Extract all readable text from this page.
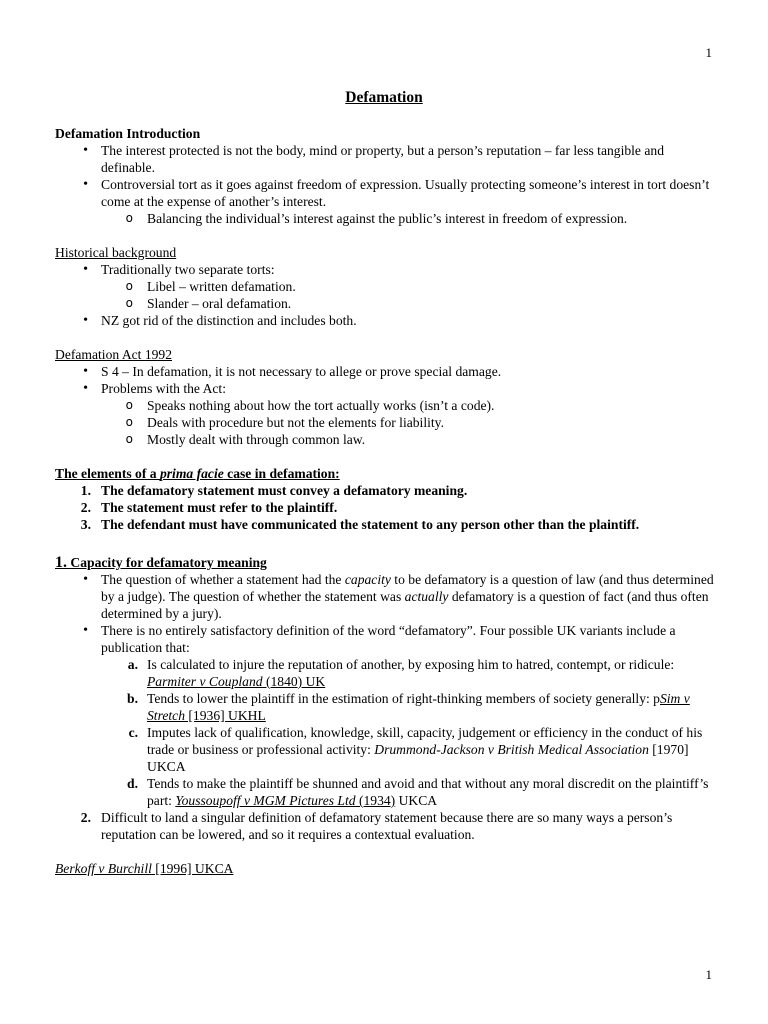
1
Defamation
Defamation Introduction
• The interest protected is not the body, mind or property, but a person’s reputation – far less tangible and definable.
• Controversial tort as it goes against freedom of expression. Usually protecting someone’s interest in tort doesn’t come at the expense of another’s interest.
o	Balancing the individual’s interest against the public’s interest in freedom of expression.
Historical background
• Traditionally two separate torts:
o	Libel – written defamation.
o	Slander – oral defamation.
• NZ got rid of the distinction and includes both.
Defamation Act 1992
• S 4 – In defamation, it is not necessary to allege or prove special damage.
• Problems with the Act:
o	Speaks nothing about how the tort actually works (isn’t a code).
o	Deals with procedure but not the elements for liability.
o	Mostly dealt with through common law.
The elements of a prima facie case in defamation:
1. The defamatory statement must convey a defamatory meaning.
2. The statement must refer to the plaintiff.
3. The defendant must have communicated the statement to any person other than the plaintiff.
1. Capacity for defamatory meaning
• The question of whether a statement had the capacity to be defamatory is a question of law (and thus determined by a judge). The question of whether the statement was actually defamatory is a question of fact (and thus often determined by a jury).
• There is no entirely satisfactory definition of the word “defamatory”. Four possible UK variants include a publication that:
a. Is calculated to injure the reputation of another, by exposing him to hatred, contempt, or ridicule: Parmiter v Coupland (1840) UK
b. Tends to lower the plaintiff in the estimation of right-thinking members of society generally: pSim v Stretch [1936] UKHL
c. Imputes lack of qualification, knowledge, skill, capacity, judgement or efficiency in the conduct of his trade or business or professional activity: Drummond-Jackson v British Medical Association [1970] UKCA
d. Tends to make the plaintiff be shunned and avoid and that without any moral discredit on the plaintiff’s part: Youssoupoff v MGM Pictures Ltd (1934) UKCA
2. Difficult to land a singular definition of defamatory statement because there are so many ways a person’s reputation can be lowered, and so it requires a contextual evaluation.
Berkoff v Burchill [1996] UKCA
1
